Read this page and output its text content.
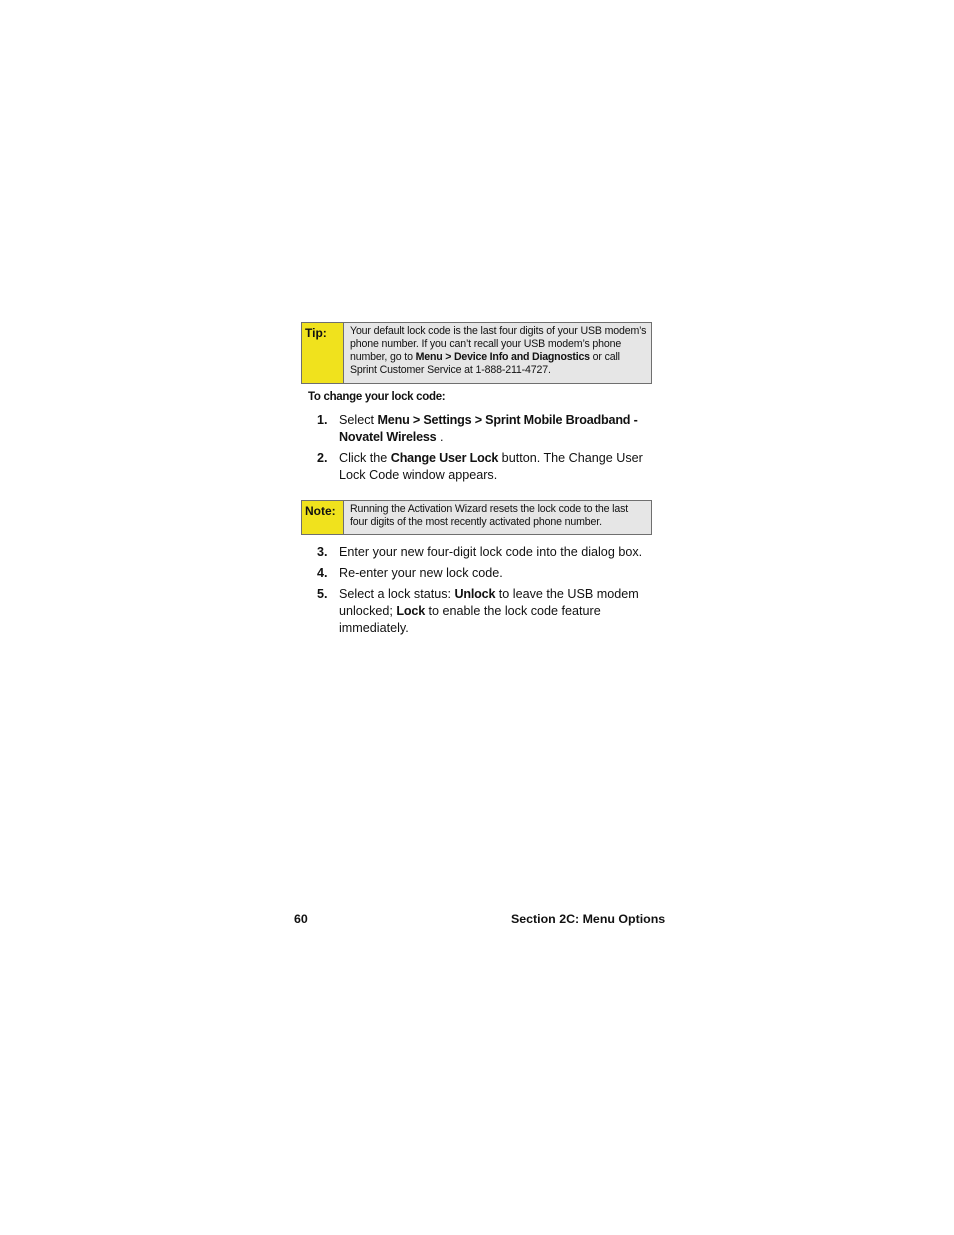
Tip:	Your default lock code is the last four digits of your USB modem’s phone number. If you can’t recall your USB modem’s phone number, go to Menu > Device Info and Diagnostics or call Sprint Customer Service at 1-888-211-4727.
To change your lock code:
1. Select Menu > Settings > Sprint Mobile Broadband - Novatel Wireless .
2. Click the Change User Lock button. The Change User Lock Code window appears.
Note:	Running the Activation Wizard resets the lock code to the last four digits of the most recently activated phone number.
3. Enter your new four-digit lock code into the dialog box.
4. Re-enter your new lock code.
5. Select a lock status: Unlock to leave the USB modem unlocked; Lock to enable the lock code feature immediately.
60	Section 2C: Menu Options
